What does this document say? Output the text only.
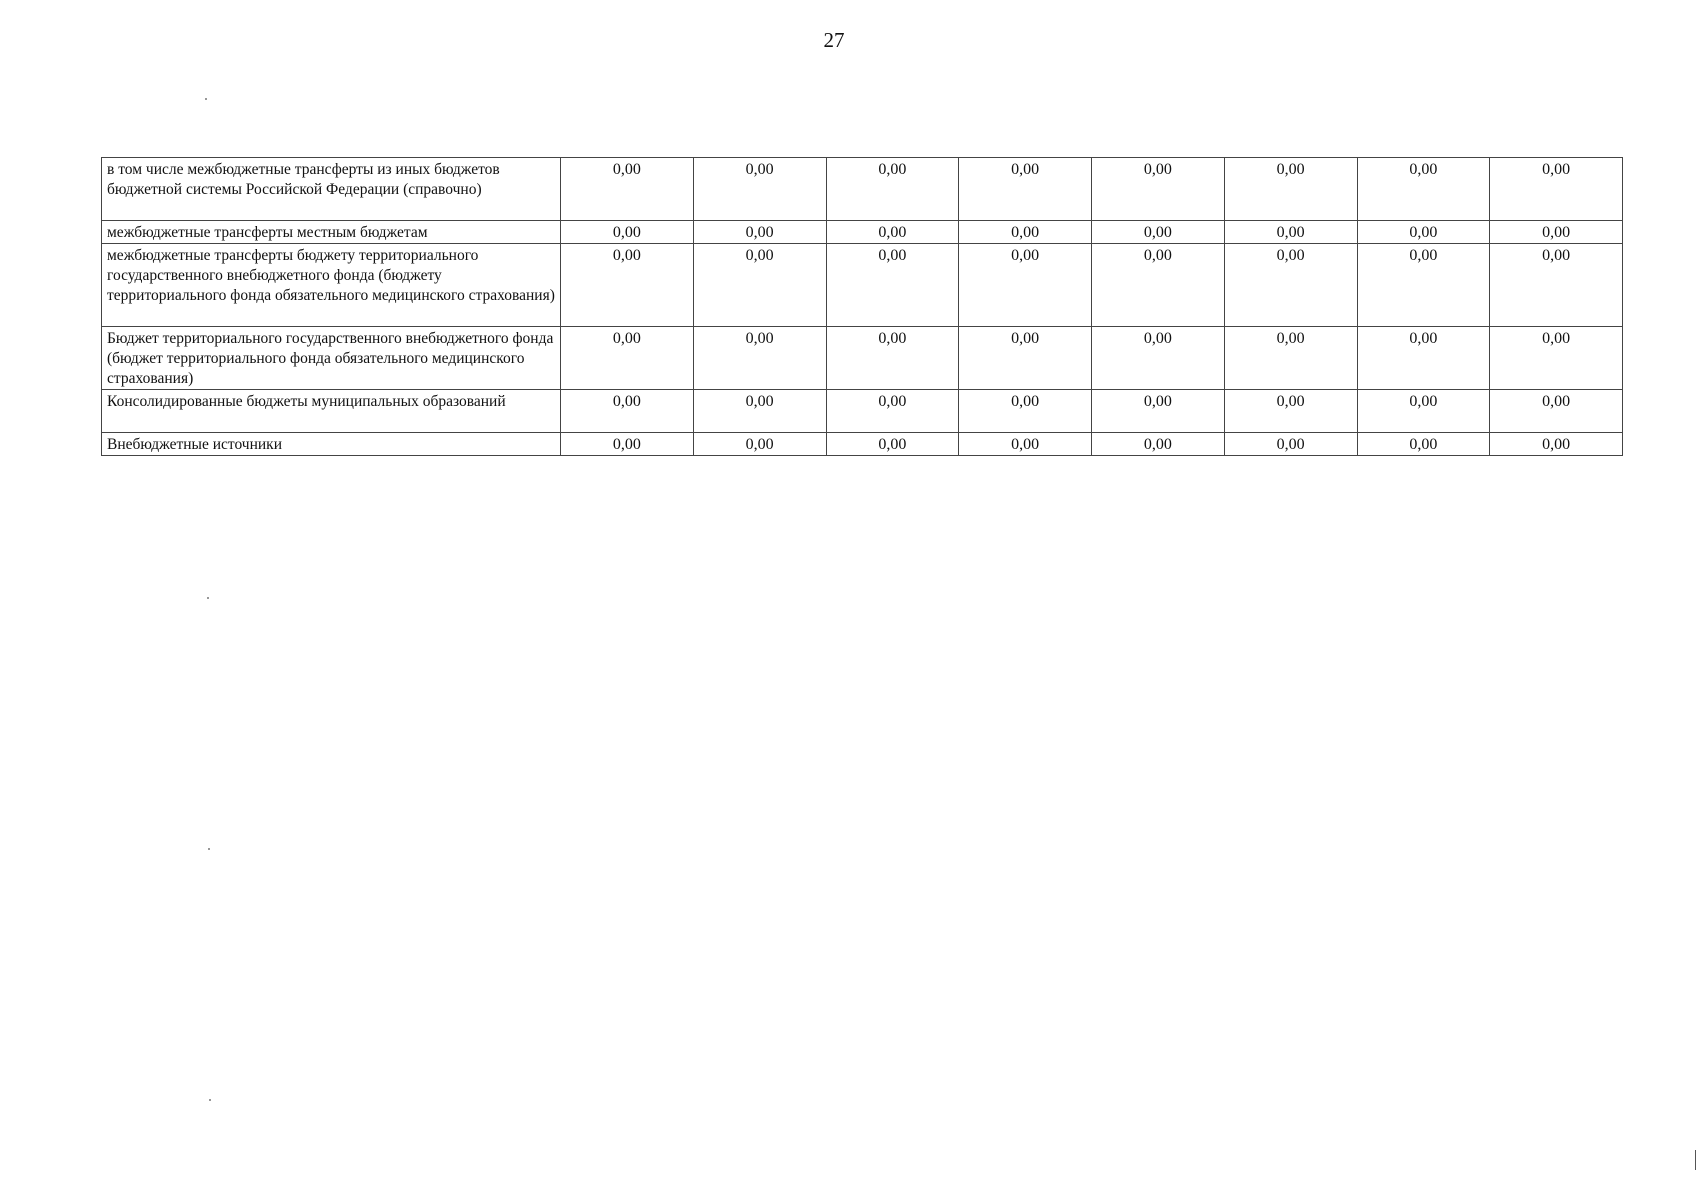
27
в том числе межбюджетные трансферты из иных бюджетов бюджетной системы Российской Федерации (справочно)	0,00	0,00	0,00	0,00	0,00	0,00	0,00	0,00
межбюджетные трансферты местным бюджетам	0,00	0,00	0,00	0,00	0,00	0,00	0,00	0,00
межбюджетные трансферты бюджету территориального государственного внебюджетного фонда (бюджету территориального фонда обязательного медицинского страхования)	0,00	0,00	0,00	0,00	0,00	0,00	0,00	0,00
Бюджет территориального государственного внебюджетного фонда (бюджет территориального фонда обязательного медицинского страхования)	0,00	0,00	0,00	0,00	0,00	0,00	0,00	0,00
Консолидированные бюджеты муниципальных образований	0,00	0,00	0,00	0,00	0,00	0,00	0,00	0,00
Внебюджетные источники	0,00	0,00	0,00	0,00	0,00	0,00	0,00	0,00
